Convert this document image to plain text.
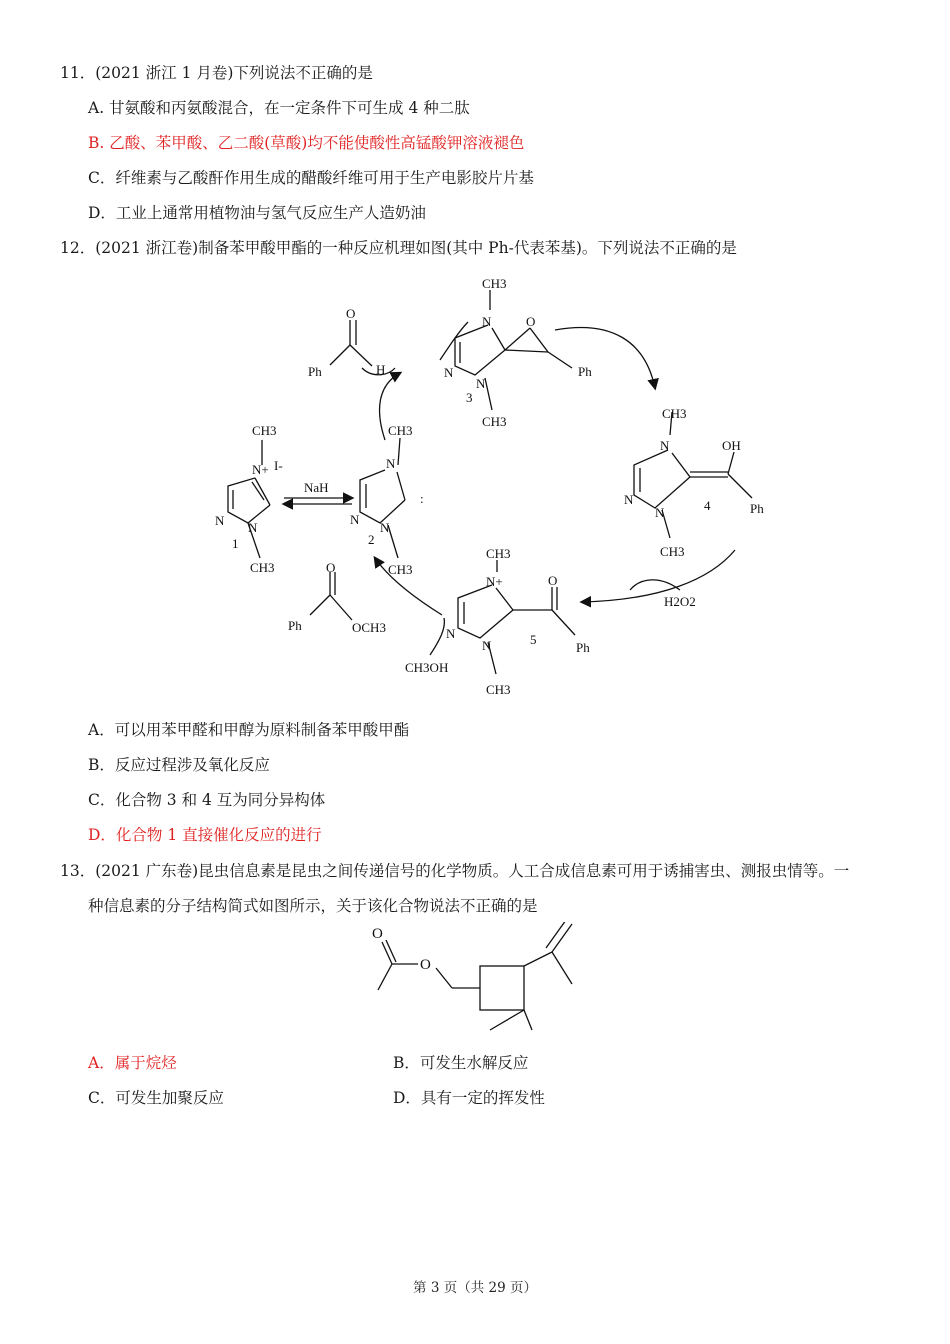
11．(2021 浙江 1 月卷)下列说法不正确的是
A. 甘氨酸和丙氨酸混合，在一定条件下可生成 4 种二肽
B. 乙酸、苯甲酸、乙二酸(草酸)均不能使酸性高锰酸钾溶液褪色
C．纤维素与乙酸酐作用生成的醋酸纤维可用于生产电影胶片片基
D．工业上通常用植物油与氢气反应生产人造奶油
12．(2021 浙江卷)制备苯甲酸甲酯的一种反应机理如图(其中 Ph-代表苯基)。下列说法不正确的是
CH3
N+ I-
N N
1
CH3
NaH
CH3
N
:
N
N
2
CH3
CH3
N	O
Ph
N
N
3
CH3
O
Ph	H
CH3
N
N
N
OH
4	Ph
CH3
CH3
N+	O
N
N	5
Ph
CH3
H2O2
O
Ph	OCH3
CH3OH
A．可以用苯甲醛和甲醇为原料制备苯甲酸甲酯
B．反应过程涉及氧化反应
C．化合物 3 和 4 互为同分异构体
D．化合物 1 直接催化反应的进行
13．(2021 广东卷)昆虫信息素是昆虫之间传递信号的化学物质。人工合成信息素可用于诱捕害虫、测报虫情等。一
种信息素的分子结构简式如图所示，关于该化合物说法不正确的是
O
O
A．属于烷烃	B．可发生水解反应
C．可发生加聚反应	D．具有一定的挥发性
第 3 页（共 29 页）
